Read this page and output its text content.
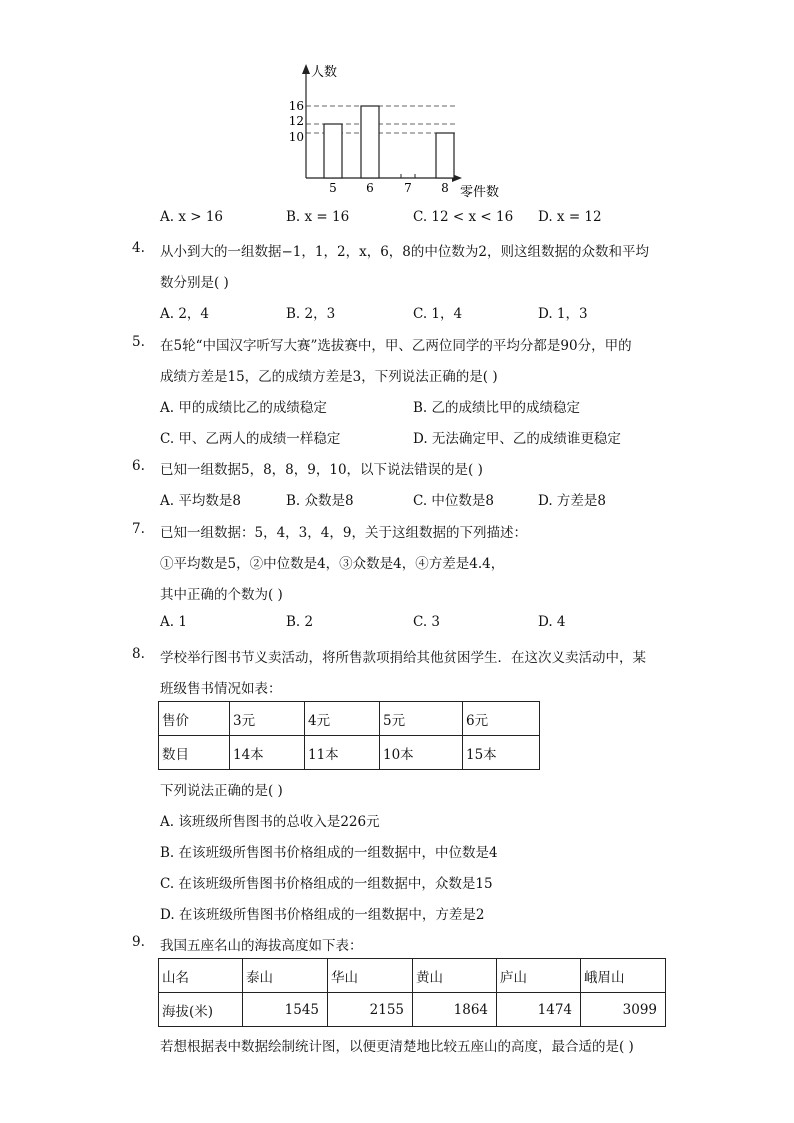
人数
零件数
16
12
10
5 6	7 8
A. x > 16	B. x = 16	C. 12 < x < 16 D. x = 12
4. 从小到大的一组数据−1，1，2，x，6，8的中位数为2，则这组数据的众数和平均
数分别是( )
A. 2，4	B. 2，3	C. 1，4	D. 1，3
5. 在5轮“中国汉字听写大赛”选拔赛中，甲、乙两位同学的平均分都是90分，甲的
成绩方差是15，乙的成绩方差是3，下列说法正确的是( )
A. 甲的成绩比乙的成绩稳定	B. 乙的成绩比甲的成绩稳定
C. 甲、乙两人的成绩一样稳定	D. 无法确定甲、乙的成绩谁更稳定
6. 已知一组数据5，8，8，9，10，以下说法错误的是( )
A. 平均数是8	B. 众数是8	C. 中位数是8	D. 方差是8
7. 已知一组数据：5，4，3，4，9，关于这组数据的下列描述：
①平均数是5，②中位数是4，③众数是4，④方差是4.4，
其中正确的个数为( )
A. 1	B. 2	C. 3	D. 4
8. 学校举行图书节义卖活动，将所售款项捐给其他贫困学生．在这次义卖活动中，某
班级售书情况如表：
售价	3元	4元	5元	6元
数目	14本	11本	10本	15本
下列说法正确的是( )
A. 该班级所售图书的总收入是226元
B. 在该班级所售图书价格组成的一组数据中，中位数是4
C. 在该班级所售图书价格组成的一组数据中，众数是15
D. 在该班级所售图书价格组成的一组数据中，方差是2
9. 我国五座名山的海拔高度如下表：
山名	泰山	华山	黄山	庐山	峨眉山
海拔(米)	1545	2155	1864	1474	3099
若想根据表中数据绘制统计图，以便更清楚地比较五座山的高度，最合适的是( )
